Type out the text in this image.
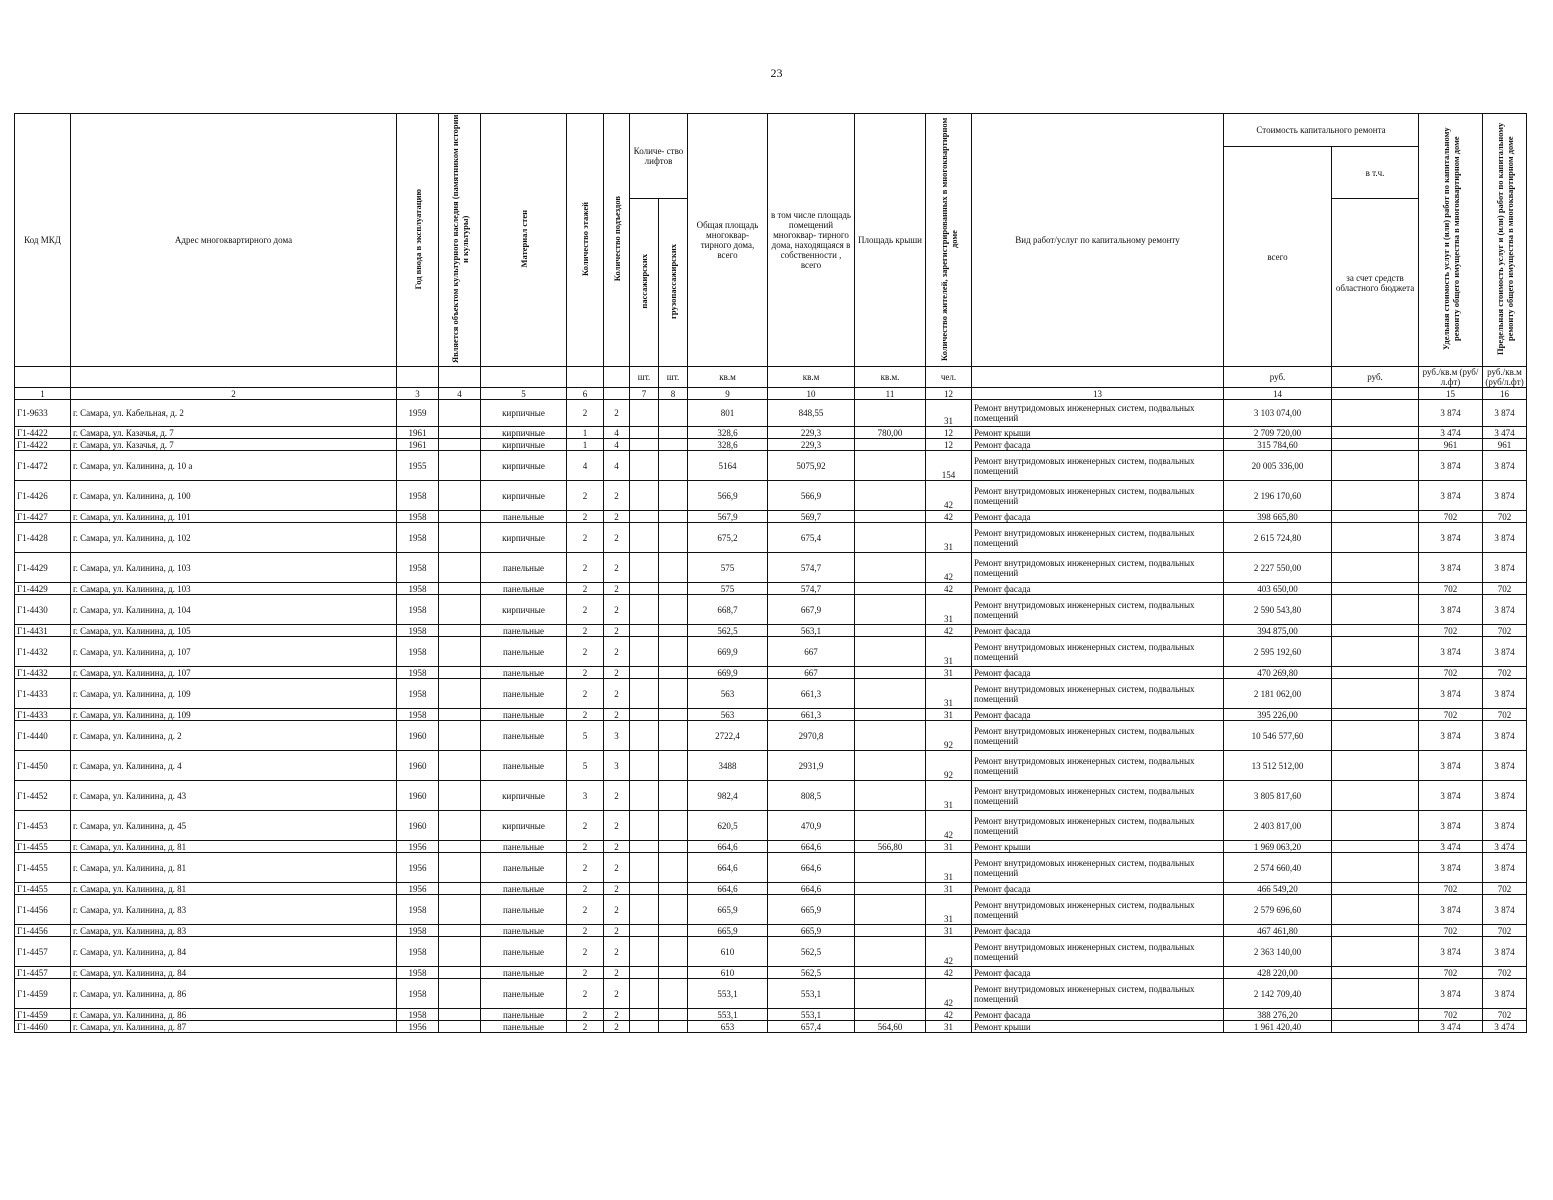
23
Код МКД	Адрес многоквартирного дома	Год ввода в эксплуатацию	Является объектом культурного наследия (памятником истории и культуры)	Материал стен	Количество этажей	Количество подъездов	Количе- ство лифтов		Общая площадь многоквар- тирного дома, всего	в том числе площадь помещений многоквар- тирного дома, находящаяся в собственности , всего	Площадь крыши	Количество жителей, зарегистрированных в многоквартирном доме	Вид работ/услуг по капитальному ремонту	Стоимость капитального ремонта		Удельная стоимость услуг и (или) работ по капитальному ремонту общего имущества в многоквартирном доме	Предельная стоимость услуг и (или) работ по капитальному ремонту общего имущества в многоквартирном доме
														всего	в т.ч.		
							пассажирских	грузопассажирских							за счет средств областного бюджета		
							шт.	шт.	кв.м	кв.м	кв.м.	чел.		руб.	руб.	руб./кв.м (руб/л.фт)	руб./кв.м (руб/л.фт)
1	2	3	4	5	6		7	8	9	10	11	12	13	14		15	16
Г1-9633	г. Самара, ул. Кабельная, д. 2	1959		кирпичные	2	2			801	848,55		31	Ремонт внутридомовых инженерных систем, подвальных помещений	3 103 074,00		3 874	3 874
Г1-4422	г. Самара, ул. Казачья, д. 7	1961		кирпичные	1	4			328,6	229,3	780,00	12	Ремонт крыши	2 709 720,00		3 474	3 474
Г1-4422	г. Самара, ул. Казачья, д. 7	1961		кирпичные	1	4			328,6	229,3		12	Ремонт фасада	315 784,60		961	961
Г1-4472	г. Самара, ул. Калинина, д. 10 а	1955		кирпичные	4	4			5164	5075,92		154	Ремонт внутридомовых инженерных систем, подвальных помещений	20 005 336,00		3 874	3 874
Г1-4426	г. Самара, ул. Калинина, д. 100	1958		кирпичные	2	2			566,9	566,9		42	Ремонт внутридомовых инженерных систем, подвальных помещений	2 196 170,60		3 874	3 874
Г1-4427	г. Самара, ул. Калинина, д. 101	1958		панельные	2	2			567,9	569,7		42	Ремонт фасада	398 665,80		702	702
Г1-4428	г. Самара, ул. Калинина, д. 102	1958		кирпичные	2	2			675,2	675,4		31	Ремонт внутридомовых инженерных систем, подвальных помещений	2 615 724,80		3 874	3 874
Г1-4429	г. Самара, ул. Калинина, д. 103	1958		панельные	2	2			575	574,7		42	Ремонт внутридомовых инженерных систем, подвальных помещений	2 227 550,00		3 874	3 874
Г1-4429	г. Самара, ул. Калинина, д. 103	1958		панельные	2	2			575	574,7		42	Ремонт фасада	403 650,00		702	702
Г1-4430	г. Самара, ул. Калинина, д. 104	1958		кирпичные	2	2			668,7	667,9		31	Ремонт внутридомовых инженерных систем, подвальных помещений	2 590 543,80		3 874	3 874
Г1-4431	г. Самара, ул. Калинина, д. 105	1958		панельные	2	2			562,5	563,1		42	Ремонт фасада	394 875,00		702	702
Г1-4432	г. Самара, ул. Калинина, д. 107	1958		панельные	2	2			669,9	667		31	Ремонт внутридомовых инженерных систем, подвальных помещений	2 595 192,60		3 874	3 874
Г1-4432	г. Самара, ул. Калинина, д. 107	1958		панельные	2	2			669,9	667		31	Ремонт фасада	470 269,80		702	702
Г1-4433	г. Самара, ул. Калинина, д. 109	1958		панельные	2	2			563	661,3		31	Ремонт внутридомовых инженерных систем, подвальных помещений	2 181 062,00		3 874	3 874
Г1-4433	г. Самара, ул. Калинина, д. 109	1958		панельные	2	2			563	661,3		31	Ремонт фасада	395 226,00		702	702
Г1-4440	г. Самара, ул. Калинина, д. 2	1960		панельные	5	3			2722,4	2970,8		92	Ремонт внутридомовых инженерных систем, подвальных помещений	10 546 577,60		3 874	3 874
Г1-4450	г. Самара, ул. Калинина, д. 4	1960		панельные	5	3			3488	2931,9		92	Ремонт внутридомовых инженерных систем, подвальных помещений	13 512 512,00		3 874	3 874
Г1-4452	г. Самара, ул. Калинина, д. 43	1960		кирпичные	3	2			982,4	808,5		31	Ремонт внутридомовых инженерных систем, подвальных помещений	3 805 817,60		3 874	3 874
Г1-4453	г. Самара, ул. Калинина, д. 45	1960		кирпичные	2	2			620,5	470,9		42	Ремонт внутридомовых инженерных систем, подвальных помещений	2 403 817,00		3 874	3 874
Г1-4455	г. Самара, ул. Калинина, д. 81	1956		панельные	2	2			664,6	664,6	566,80	31	Ремонт крыши	1 969 063,20		3 474	3 474
Г1-4455	г. Самара, ул. Калинина, д. 81	1956		панельные	2	2			664,6	664,6		31	Ремонт внутридомовых инженерных систем, подвальных помещений	2 574 660,40		3 874	3 874
Г1-4455	г. Самара, ул. Калинина, д. 81	1956		панельные	2	2			664,6	664,6		31	Ремонт фасада	466 549,20		702	702
Г1-4456	г. Самара, ул. Калинина, д. 83	1958		панельные	2	2			665,9	665,9		31	Ремонт внутридомовых инженерных систем, подвальных помещений	2 579 696,60		3 874	3 874
Г1-4456	г. Самара, ул. Калинина, д. 83	1958		панельные	2	2			665,9	665,9		31	Ремонт фасада	467 461,80		702	702
Г1-4457	г. Самара, ул. Калинина, д. 84	1958		панельные	2	2			610	562,5		42	Ремонт внутридомовых инженерных систем, подвальных помещений	2 363 140,00		3 874	3 874
Г1-4457	г. Самара, ул. Калинина, д. 84	1958		панельные	2	2			610	562,5		42	Ремонт фасада	428 220,00		702	702
Г1-4459	г. Самара, ул. Калинина, д. 86	1958		панельные	2	2			553,1	553,1		42	Ремонт внутридомовых инженерных систем, подвальных помещений	2 142 709,40		3 874	3 874
Г1-4459	г. Самара, ул. Калинина, д. 86	1958		панельные	2	2			553,1	553,1		42	Ремонт фасада	388 276,20		702	702
Г1-4460	г. Самара, ул. Калинина, д. 87	1956		панельные	2	2			653	657,4	564,60	31	Ремонт крыши	1 961 420,40		3 474	3 474
